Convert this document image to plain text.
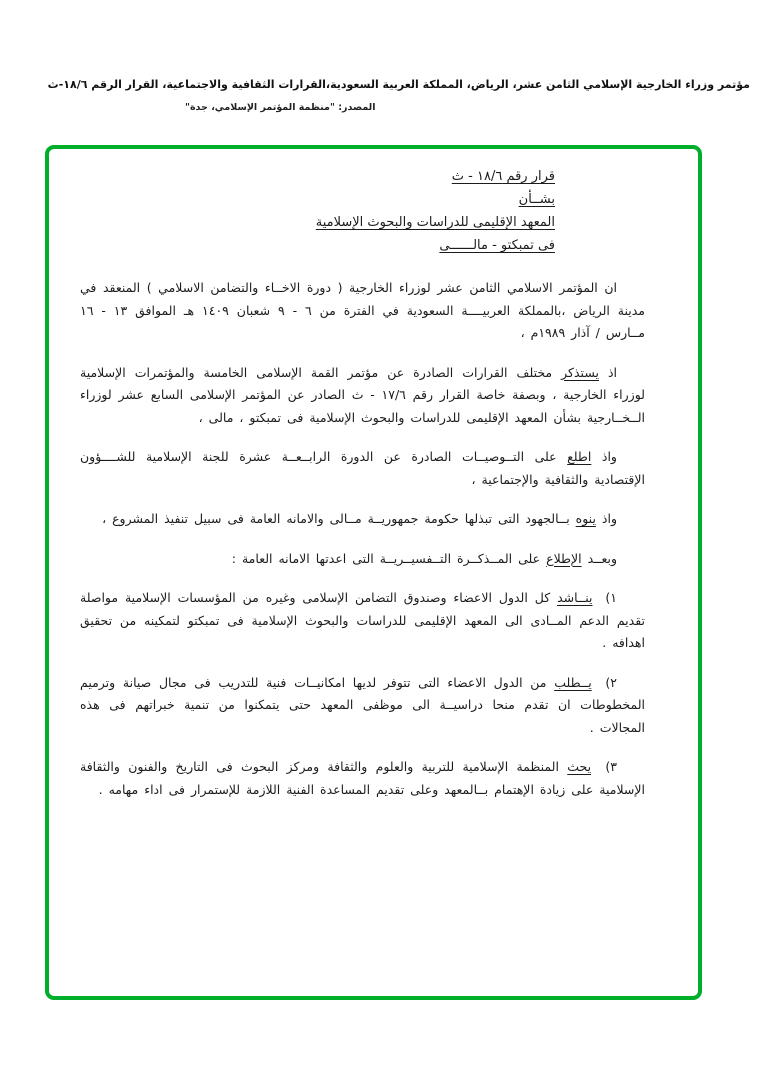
مؤتمر وزراء الخارجية الإسلامي الثامن عشر، الرياض، المملكة العربية السعودية،القرارات الثقافية والاجتماعية، القرار الرقم ١٨/٦-ث
المصدر: "منظمة المؤتمر الإسلامي، جدة"
قرار رقم ١٨/٦ - ث
بشــأن
المعهد الإقليمى للدراسات والبحوث الإسلامية
فى تمبكتو - مالــــــى

ان المؤتمر الاسلامي الثامن عشر لوزراء الخارجية ( دورة الاخــاء والتضامن الاسلامي ) المنعقد في مدينة الرياض ،بالمملكة العربيــــة السعودية في الفترة من ٦ - ٩ شعبان ١٤٠٩ هـ الموافق ١٣ - ١٦ مــارس / آذار ١٩٨٩م ،

اذ يستذكر مختلف القرارات الصادرة عن مؤتمر القمة الإسلامى الخامسة والمؤتمرات الإسلامية لوزراء الخارجية ، وبصفة خاصة القرار رقم ١٧/٦ - ث الصادر عن المؤتمر الإسلامى السابع عشر لوزراء الــخــارجية بشأن المعهد الإقليمى للدراسات والبحوث الإسلامية فى تمبكتو ، مالى ،

واذ اطلع على التــوصيــات الصادرة عن الدورة الرابــعــة عشرة للجنة الإسلامية للشــــؤون الإقتصادية والثقافية والإجتماعية ،

واذ ينوه بــالجهود التى تبذلها حكومة جمهوريــة مــالى والامانه العامة فى سبيل تنفيذ المشروع ،

وبعــد الإطلاع على المــذكــرة التــفسيــريــة التى اعدتها الامانه العامة :

١) ينــاشد كل الدول الاعضاء وصندوق التضامن الإسلامى وغيره من المؤسسات الإسلامية مواصلة تقديم الدعم المــادى الى المعهد الإقليمى للدراسات والبحوث الإسلامية فى تمبكتو لتمكينه من تحقيق اهدافه .

٢) يــطلب من الدول الاعضاء التى تتوفر لديها امكانيــات فنية للتدريب فى مجال صيانة وترميم المخطوطات ان تقدم منحا دراسيــة الى موظفى المعهد حتى يتمكنوا من تنمية خبراتهم فى هذه المجالات .

٣) يحث المنظمة الإسلامية للتربية والعلوم والثقافة ومركز البحوث فى التاريخ والفنون والثقافة الإسلامية على زيادة الإهتمام بــالمعهد وعلى تقديم المساعدة الفنية اللازمة للإستمرار فى اداء مهامه .
